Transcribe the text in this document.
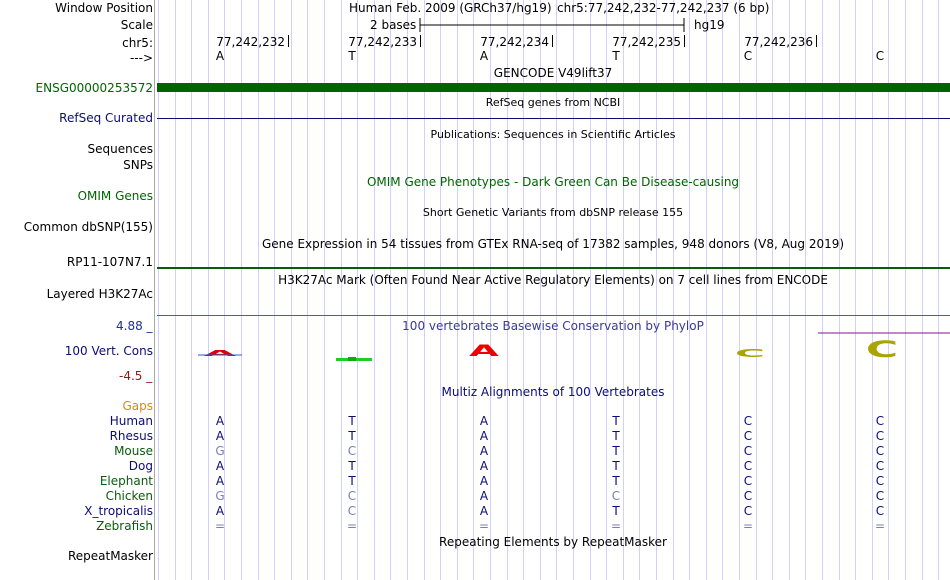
Window Position
Scale
chr5:
--->
Human Feb. 2009 (GRCh37/hg19) chr5:77,242,232-77,242,237 (6 bp)
2 bases	hg19
77,242,232	77,242,233	77,242,234	77,242,235	77,242,236
A	T	A	T	C	C
GENCODE V49lift37
ENSG00000253572
RefSeq genes from NCBI
RefSeq Curated
Publications: Sequences in Scientific Articles
Sequences
SNPs
OMIM Gene Phenotypes - Dark Green Can Be Disease-causing
OMIM Genes
Short Genetic Variants from dbSNP release 155
Common dbSNP(155)
Gene Expression in 54 tissues from GTEx RNA-seq of 17382 samples, 948 donors (V8, Aug 2019)
RP11-107N7.1
H3K27Ac Mark (Often Found Near Active Regulatory Elements) on 7 cell lines from ENCODE
Layered H3K27Ac
100 vertebrates Basewise Conservation by PhyloP
4.88 _
100 Vert. Cons
-4.5 _
A	A	C	C
Multiz Alignments of 100 Vertebrates
Gaps
Human	A	T	A	T	C	C
Rhesus	A	T	A	T	C	C
Mouse	G	C	A	T	C	C
Dog	A	T	A	T	C	C
Elephant	A	T	A	T	C	C
Chicken	G	C	A	C	C	C
X_tropicalis	A	C	A	T	C	C
Zebrafish	=	=	=	=	=	=
Repeating Elements by RepeatMasker
RepeatMasker
